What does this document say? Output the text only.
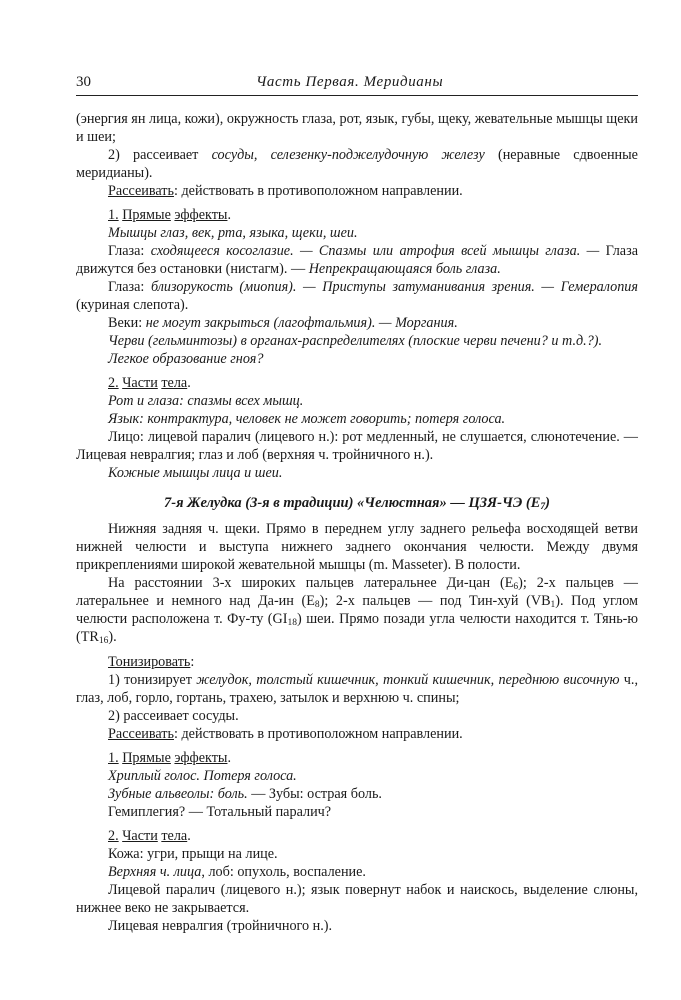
30	Часть Первая. Меридианы

(энергия ян лица, кожи), окружность глаза, рот, язык, губы, щеку, жевательные мышцы щеки и шеи;

2) рассеивает сосуды, селезенку-поджелудочную железу (неравные сдвоенные меридианы).

Рассеивать: действовать в противоположном направлении.

1. Прямые эффекты.

Мышцы глаз, век, рта, языка, щеки, шеи.

Глаза: сходящееся косоглазие. — Спазмы или атрофия всей мышцы глаза. — Глаза движутся без остановки (нистагм). — Непрекращающаяся боль глаза.

Глаза: близорукость (миопия). — Приступы затуманивания зрения. — Гемералопия (куриная слепота).

Веки: не могут закрыться (лагофтальмия). — Моргания.

Черви (гельминтозы) в органах-распределителях (плоские черви печени? и т.д.?). Легкое образование гноя?

2. Части тела.

Рот и глаза: спазмы всех мышц.

Язык: контрактура, человек не может говорить; потеря голоса.

Лицо: лицевой паралич (лицевого н.): рот медленный, не слушается, слюнотечение. — Лицевая невралгия; глаз и лоб (верхняя ч. тройничного н.).

Кожные мышцы лица и шеи.

7-я Желудка (3-я в традиции) «Челюстная» — ЦЗЯ-ЧЭ $(Е_7)$

Нижняя задняя ч. щеки. Прямо в переднем углу заднего рельефа восходящей ветви нижней челюсти и выступа нижнего заднего окончания челюсти. Между двумя прикреплениями широкой жевательной мышцы (m. Masseter). В полости.

На расстоянии 3-х широких пальцев латеральнее Ди-цан $(Е_6)$; 2-х пальцев — латеральнее и немного над Да-ин $(Е_8)$; 2-х пальцев — под Тин-хуй $(VB_1)$. Под углом челюсти расположена т. Фу-ту $(GI_{18})$ шеи. Прямо позади угла челюсти находится т. Тянь-ю $(TR_{16})$.

Тонизировать:

1) тонизирует желудок, толстый кишечник, тонкий кишечник, переднюю височную ч., глаз, лоб, горло, гортань, трахею, затылок и верхнюю ч. спины;

2) рассеивает сосуды.

Рассеивать: действовать в противоположном направлении.

1. Прямые эффекты.

Хриплый голос. Потеря голоса.

Зубные альвеолы: боль. — Зубы: острая боль.

Гемиплегия? — Тотальный паралич?

2. Части тела.

Кожа: угри, прыщи на лице.

Верхняя ч. лица, лоб: опухоль, воспаление.

Лицевой паралич (лицевого н.); язык повернут набок и наискось, выделение слюны, нижнее веко не закрывается.

Лицевая невралгия (тройничного н.).
